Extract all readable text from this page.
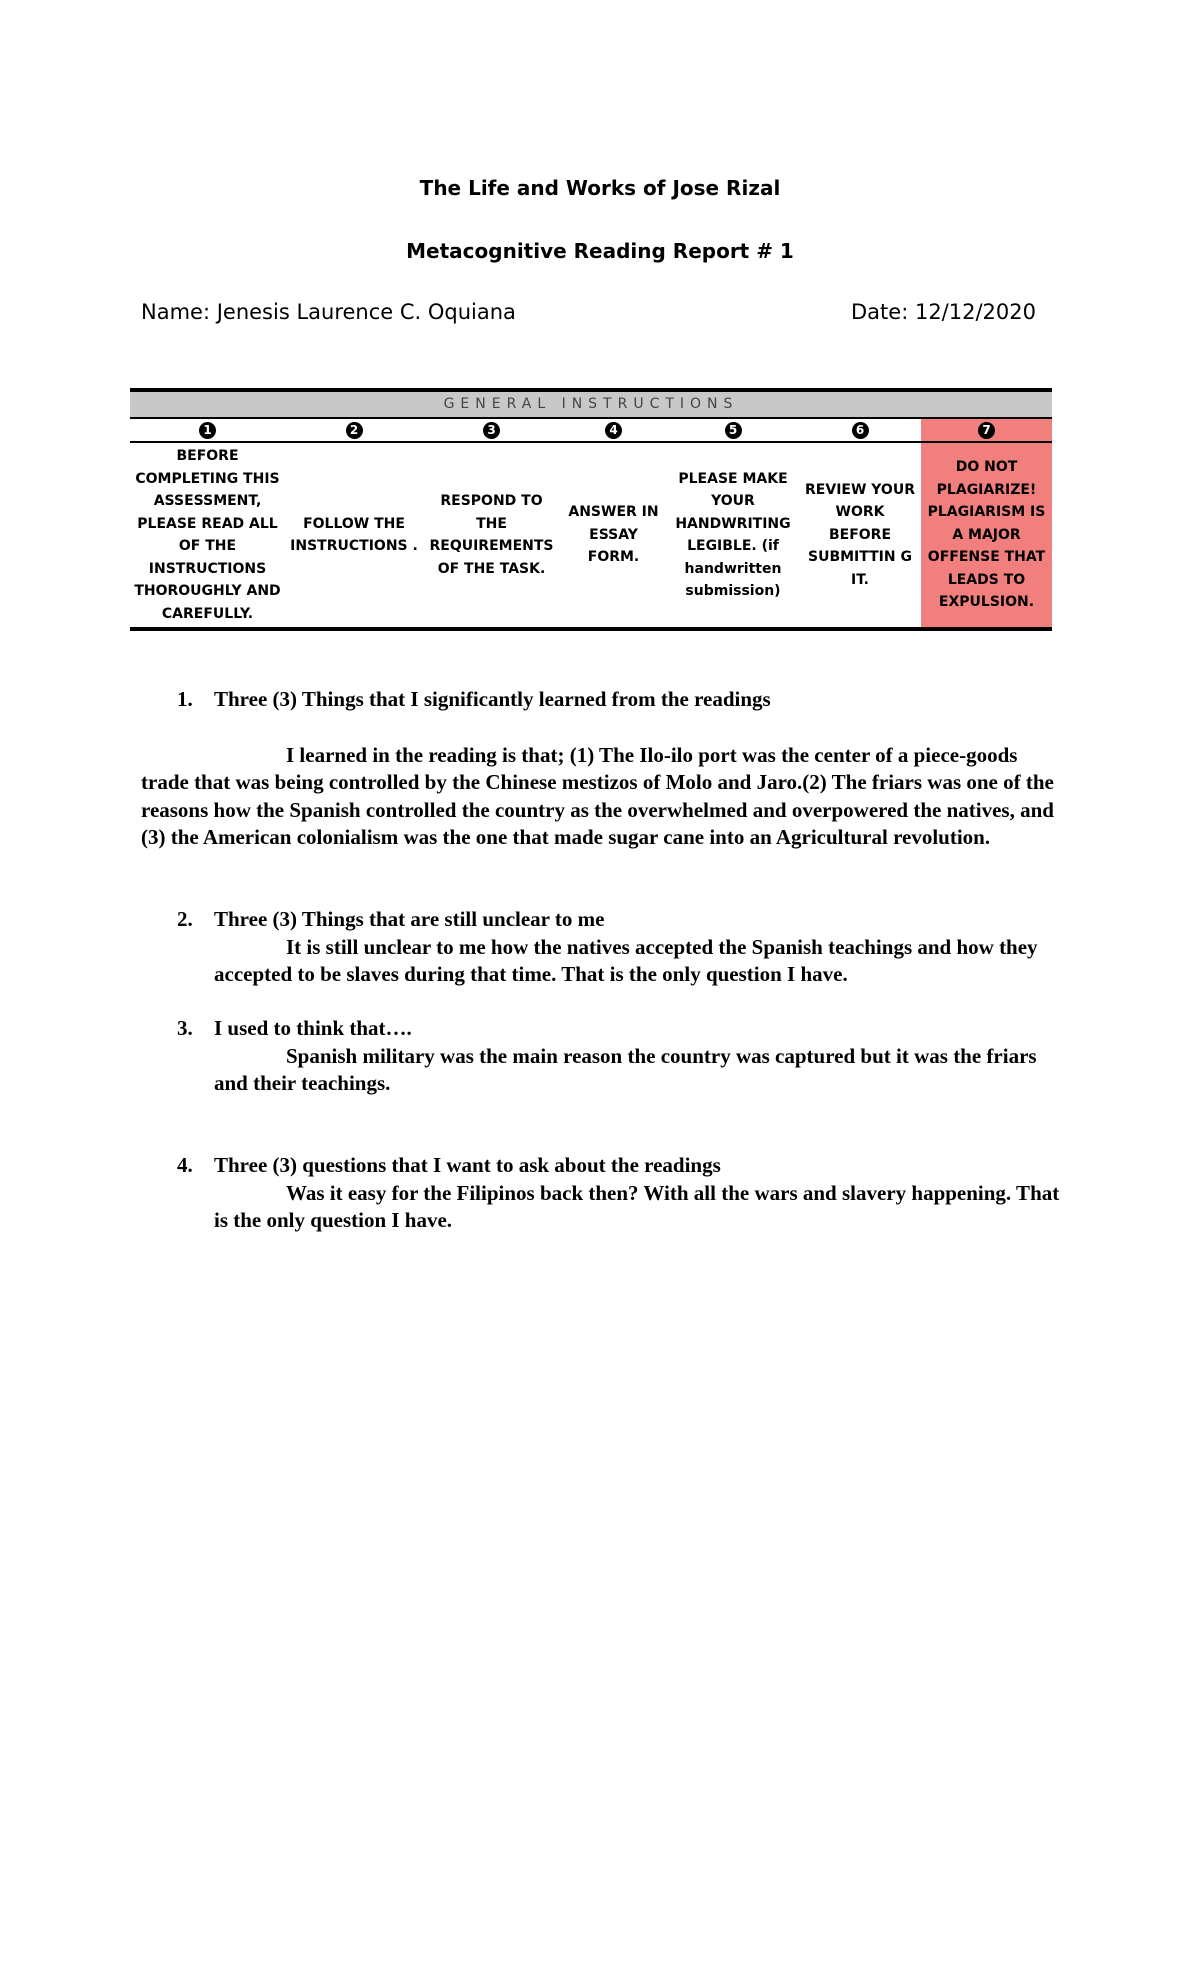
The Life and Works of Jose Rizal
Metacognitive Reading Report # 1
Name: Jenesis Laurence C. Oquiana	Date: 12/12/2020
GENERAL INSTRUCTIONS
1
BEFORE COMPLETING THIS ASSESSMENT, PLEASE READ ALL OF THE INSTRUCTIONS THOROUGHLY AND CAREFULLY.
2
FOLLOW THE INSTRUCTIONS .
3
RESPOND TO THE REQUIREMENTS OF THE TASK.
4
ANSWER IN ESSAY FORM.
5
PLEASE MAKE YOUR HANDWRITING LEGIBLE. (if handwritten submission)
6
REVIEW YOUR WORK BEFORE SUBMITTIN G IT.
7
DO NOT PLAGIARIZE! PLAGIARISM IS A MAJOR OFFENSE THAT LEADS TO EXPULSION.
1. Three (3) Things that I significantly learned from the readings
I learned in the reading is that; (1) The Ilo-ilo port was the center of a piece-goods trade that was being controlled by the Chinese mestizos of Molo and Jaro.(2) The friars was one of the reasons how the Spanish controlled the country as the overwhelmed and overpowered the natives, and (3) the American colonialism was the one that made sugar cane into an Agricultural revolution.
2. Three (3) Things that are still unclear to me
It is still unclear to me how the natives accepted the Spanish teachings and how they accepted to be slaves during that time. That is the only question I have.
3. I used to think that….
Spanish military was the main reason the country was captured but it was the friars and their teachings.
4. Three (3) questions that I want to ask about the readings
Was it easy for the Filipinos back then? With all the wars and slavery happening. That is the only question I have.
